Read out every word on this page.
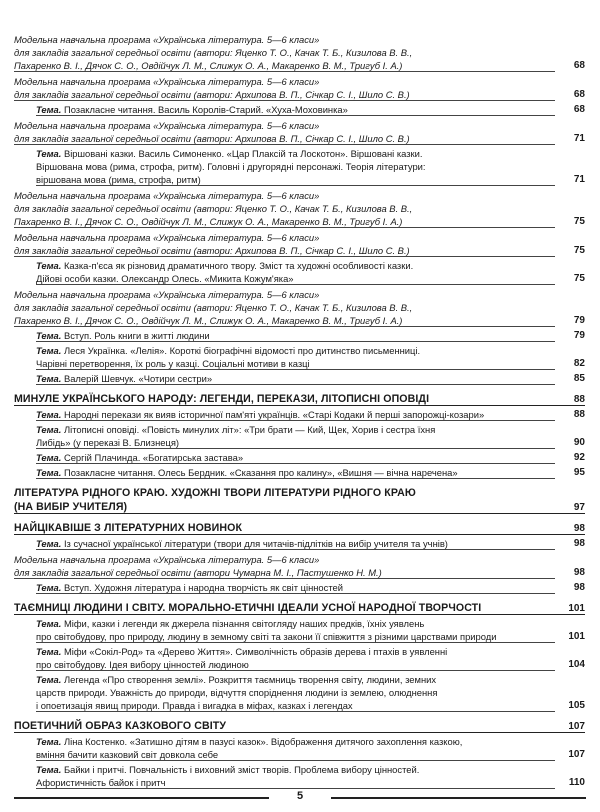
Модельна навчальна програма «Українська література. 5—6 класи»
для закладів загальної середньої освіти (автори: Яценко Т. О., Качак Т. Б., Кизилова В. В.,
Пахаренко В. І., Дячок С. О., Овдійчук Л. М., Слижук О. А., Макаренко В. М., Тригуб І. А.)	68
Модельна навчальна програма «Українська література. 5—6 класи»
для закладів загальної середньої освіти (автори: Архипова В. П., Січкар С. І., Шило С. В.)	68
Тема. Позакласне читання. Василь Королів-Старий. «Хуха-Моховинка»	68
Модельна навчальна програма «Українська література. 5—6 класи»
для закладів загальної середньої освіти (автори: Архипова В. П., Січкар С. І., Шило С. В.)	71
Тема. Віршовані казки. Василь Симоненко. «Цар Плаксій та Лоскотон». Віршовані казки.
Віршована мова (рима, строфа, ритм). Головні і другорядні персонажі. Теорія літератури:
віршована мова (рима, строфа, ритм)	71
Модельна навчальна програма «Українська література. 5—6 класи»
для закладів загальної середньої освіти (автори: Яценко Т. О., Качак Т. Б., Кизилова В. В.,
Пахаренко В. І., Дячок С. О., Овдійчук Л. М., Слижук О. А., Макаренко В. М., Тригуб І. А.)	75
Модельна навчальна програма «Українська література. 5—6 класи»
для закладів загальної середньої освіти (автори: Архипова В. П., Січкар С. І., Шило С. В.)	75
Тема. Казка-п'єса як різновид драматичного твору. Зміст та художні особливості казки.
Дійові особи казки. Олександр Олесь. «Микита Кожум'яка»	75
Модельна навчальна програма «Українська література. 5—6 класи»
для закладів загальної середньої освіти (автори: Яценко Т. О., Качак Т. Б., Кизилова В. В.,
Пахаренко В. І., Дячок С. О., Овдійчук Л. М., Слижук О. А., Макаренко В. М., Тригуб І. А.)	79
Тема. Вступ. Роль книги в житті людини	79
Тема. Леся Українка. «Лелія». Короткі біографічні відомості про дитинство письменниці.
Чарівні перетворення, їх роль у казці. Соціальні мотиви в казці	82
Тема. Валерій Шевчук. «Чотири сестри»	85
МИНУЛЕ УКРАЇНСЬКОГО НАРОДУ: ЛЕГЕНДИ, ПЕРЕКАЗИ, ЛІТОПИСНІ ОПОВІДІ	88
Тема. Народні перекази як вияв історичної пам'яті українців. «Старі Кодаки й перші запорожці-козари»	88
Тема. Літописні оповіді. «Повість минулих літ»: «Три брати — Кий, Щек, Хорив і сестра їхня
Либідь» (у переказі В. Близнеця)	90
Тема. Сергій Плачинда. «Богатирська застава»	92
Тема. Позакласне читання. Олесь Бердник. «Сказання про калину», «Вишня — вічна наречена»	95
ЛІТЕРАТУРА РІДНОГО КРАЮ. ХУДОЖНІ ТВОРИ ЛІТЕРАТУРИ РІДНОГО КРАЮ
(НА ВИБІР УЧИТЕЛЯ)	97
НАЙЦІКАВІШЕ З ЛІТЕРАТУРНИХ НОВИНОК	98
Тема. Із сучасної української літератури (твори для читачів-підлітків на вибір учителя та учнів)	98
Модельна навчальна програма «Українська література. 5—6 класи»
для закладів загальної середньої освіти (автори Чумарна М. І., Пастушенко Н. М.)	98
Тема. Вступ. Художня література і народна творчість як світ цінностей	98
ТАЄМНИЦІ ЛЮДИНИ І СВІТУ. МОРАЛЬНО-ЕТИЧНІ ІДЕАЛИ УСНОЇ НАРОДНОЇ ТВОРЧОСТІ	101
Тема. Міфи, казки і легенди як джерела пізнання світогляду наших предків, їхніх уявлень
про світобудову, про природу, людину в земному світі та закони її співжиття з різними царствами природи	101
Тема. Міфи «Сокіл-Род» та «Дерево Життя». Символічність образів дерева і птахів в уявленні
про світобудову. Ідея вибору цінностей людиною	104
Тема. Легенда «Про створення землі». Розкриття таємниць творення світу, людини, земних
царств природи. Уважність до природи, відчуття споріднення людини із землею, олюднення
і опоетизація явищ природи. Правда і вигадка в міфах, казках і легендах	105
ПОЕТИЧНИЙ ОБРАЗ КАЗКОВОГО СВІТУ	107
Тема. Ліна Костенко. «Затишно дітям в пазусі казок». Відображення дитячого захоплення казкою,
вміння бачити казковий світ довкола себе	107
Тема. Байки і притчі. Повчальність і виховний зміст творів. Проблема вибору цінностей.
Афористичність байок і притч	110
5
